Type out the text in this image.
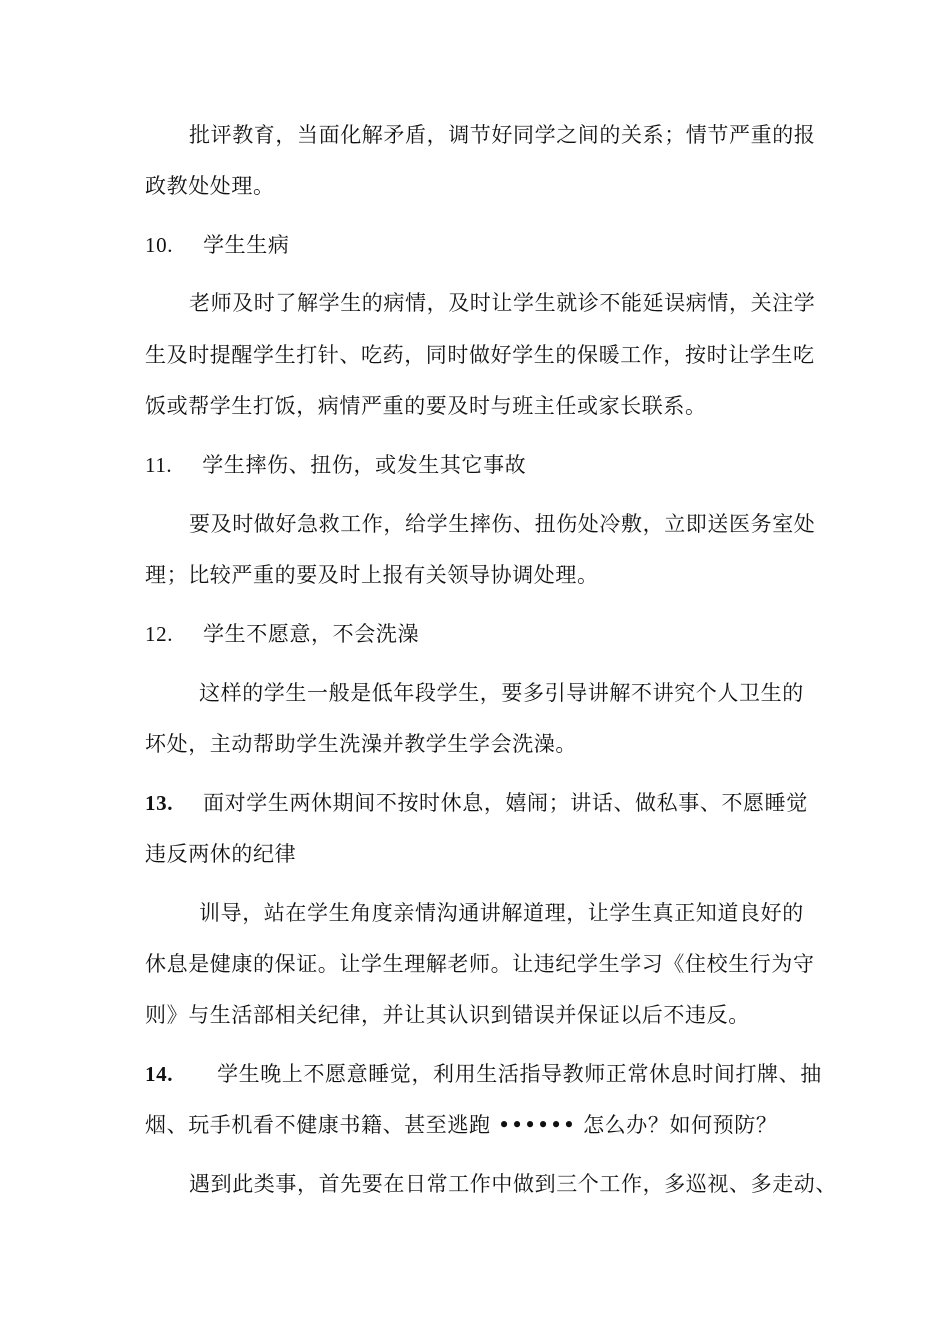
批评教育，当面化解矛盾，调节好同学之间的关系；情节严重的报
政教处处理。
10. 学生生病
老师及时了解学生的病情，及时让学生就诊不能延误病情，关注学
生及时提醒学生打针、吃药，同时做好学生的保暖工作，按时让学生吃
饭或帮学生打饭，病情严重的要及时与班主任或家长联系。
11. 学生摔伤、扭伤，或发生其它事故
要及时做好急救工作，给学生摔伤、扭伤处冷敷，立即送医务室处
理；比较严重的要及时上报有关领导协调处理。
12. 学生不愿意，不会洗澡
这样的学生一般是低年段学生，要多引导讲解不讲究个人卫生的
坏处，主动帮助学生洗澡并教学生学会洗澡。
13. 面对学生两休期间不按时休息，嬉闹；讲话、做私事、不愿睡觉
违反两休的纪律
训导，站在学生角度亲情沟通讲解道理，让学生真正知道良好的
休息是健康的保证。让学生理解老师。让违纪学生学习《住校生行为守
则》与生活部相关纪律，并让其认识到错误并保证以后不违反。
14. 学生晚上不愿意睡觉，利用生活指导教师正常休息时间打牌、抽
烟、玩手机看不健康书籍、甚至逃跑 •••••• 怎么办？如何预防？
遇到此类事，首先要在日常工作中做到三个工作，多巡视、多走动、
